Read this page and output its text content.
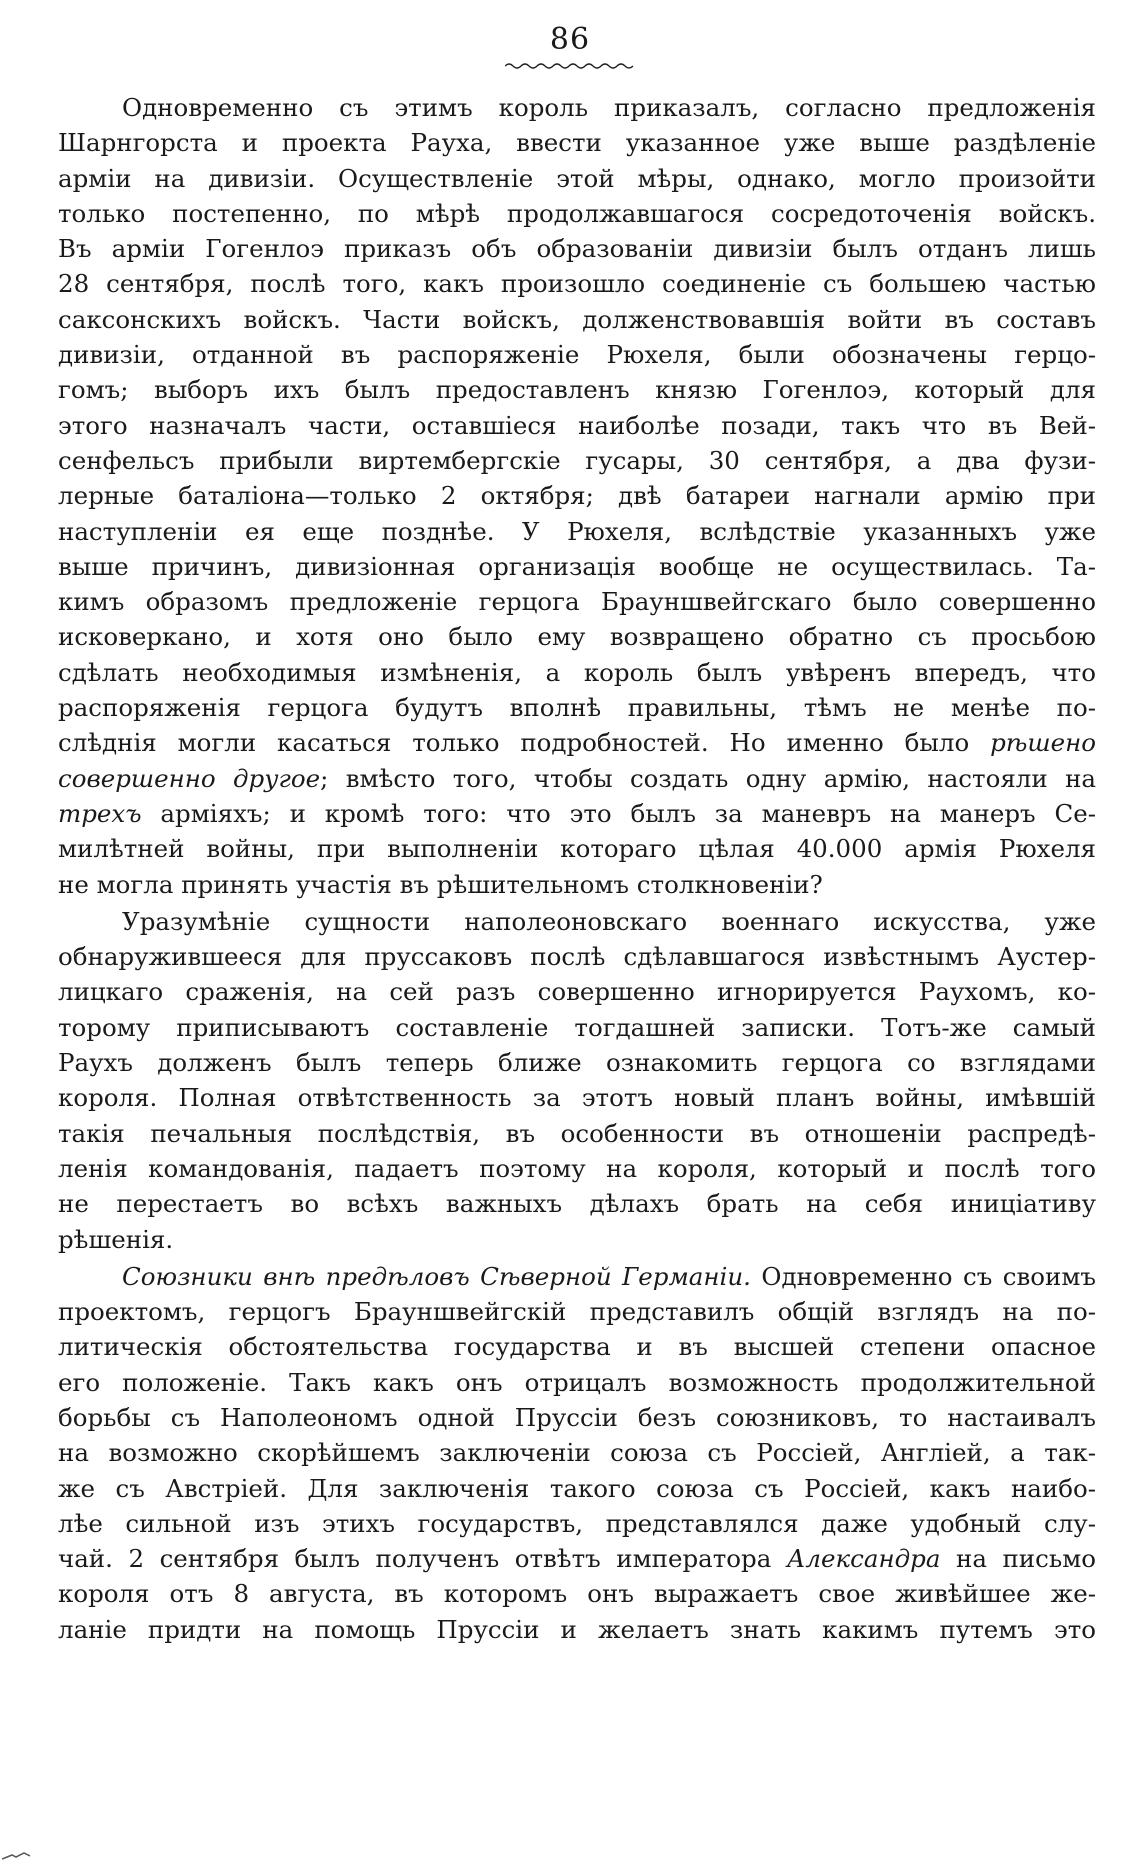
86
Одновременно съ этимъ король приказалъ, согласно предложенія
Шарнгорста и проекта Рауха, ввести указанное уже выше раздѣленіе
арміи на дивизіи. Осуществленіе этой мѣры, однако, могло произойти
только постепенно, по мѣрѣ продолжавшагося сосредоточенія войскъ.
Въ арміи Гогенлоэ приказъ объ образованіи дивизіи былъ отданъ лишь
28 сентября, послѣ того, какъ произошло соединеніе съ большею частью
саксонскихъ войскъ. Части войскъ, долженствовавшія войти въ составъ
дивизіи, отданной въ распоряженіе Рюхеля, были обозначены герцо-
гомъ; выборъ ихъ былъ предоставленъ князю Гогенлоэ, который для
этого назначалъ части, оставшіеся наиболѣе позади, такъ что въ Вей-
сенфельсъ прибыли виртембергскіе гусары, 30 сентября, а два фузи-
лерные баталіона—только 2 октября; двѣ батареи нагнали армію при
наступленіи ея еще позднѣе. У Рюхеля, вслѣдствіе указанныхъ уже
выше причинъ, дивизіонная организація вообще не осуществилась. Та-
кимъ образомъ предложеніе герцога Брауншвейгскаго было совершенно
исковеркано, и хотя оно было ему возвращено обратно съ просьбою
сдѣлать необходимыя измѣненія, а король былъ увѣренъ впередъ, что
распоряженія герцога будутъ вполнѣ правильны, тѣмъ не менѣе по-
слѣднія могли касаться только подробностей. Но именно было рѣшено
совершенно другое; вмѣсто того, чтобы создать одну армію, настояли на
трехъ арміяхъ; и кромѣ того: что это былъ за маневръ на манеръ Се-
милѣтней войны, при выполненіи котораго цѣлая 40.000 армія Рюхеля
не могла принять участія въ рѣшительномъ столкновеніи?
Уразумѣніе сущности наполеоновскаго военнаго искусства, уже
обнаружившееся для пруссаковъ послѣ сдѣлавшагося извѣстнымъ Аустер-
лицкаго сраженія, на сей разъ совершенно игнорируется Раухомъ, ко-
торому приписываютъ составленіе тогдашней записки. Тотъ-же самый
Раухъ долженъ былъ теперь ближе ознакомить герцога со взглядами
короля. Полная отвѣтственность за этотъ новый планъ войны, имѣвшій
такія печальныя послѣдствія, въ особенности въ отношеніи распредѣ-
ленія командованія, падаетъ поэтому на короля, который и послѣ того
не перестаетъ во всѣхъ важныхъ дѣлахъ брать на себя иниціативу
рѣшенія.
Союзники внѣ предѣловъ Сѣверной Германіи. Одновременно съ своимъ
проектомъ, герцогъ Брауншвейгскій представилъ общій взглядъ на по-
литическія обстоятельства государства и въ высшей степени опасное
его положеніе. Такъ какъ онъ отрицалъ возможность продолжительной
борьбы съ Наполеономъ одной Пруссіи безъ союзниковъ, то настаивалъ
на возможно скорѣйшемъ заключеніи союза съ Россіей, Англіей, а так-
же съ Австріей. Для заключенія такого союза съ Россіей, какъ наибо-
лѣе сильной изъ этихъ государствъ, представлялся даже удобный слу-
чай. 2 сентября былъ полученъ отвѣтъ императора Александра на письмо
короля отъ 8 августа, въ которомъ онъ выражаетъ свое живѣйшее же-
ланіе придти на помощь Пруссіи и желаетъ знать какимъ путемъ это
